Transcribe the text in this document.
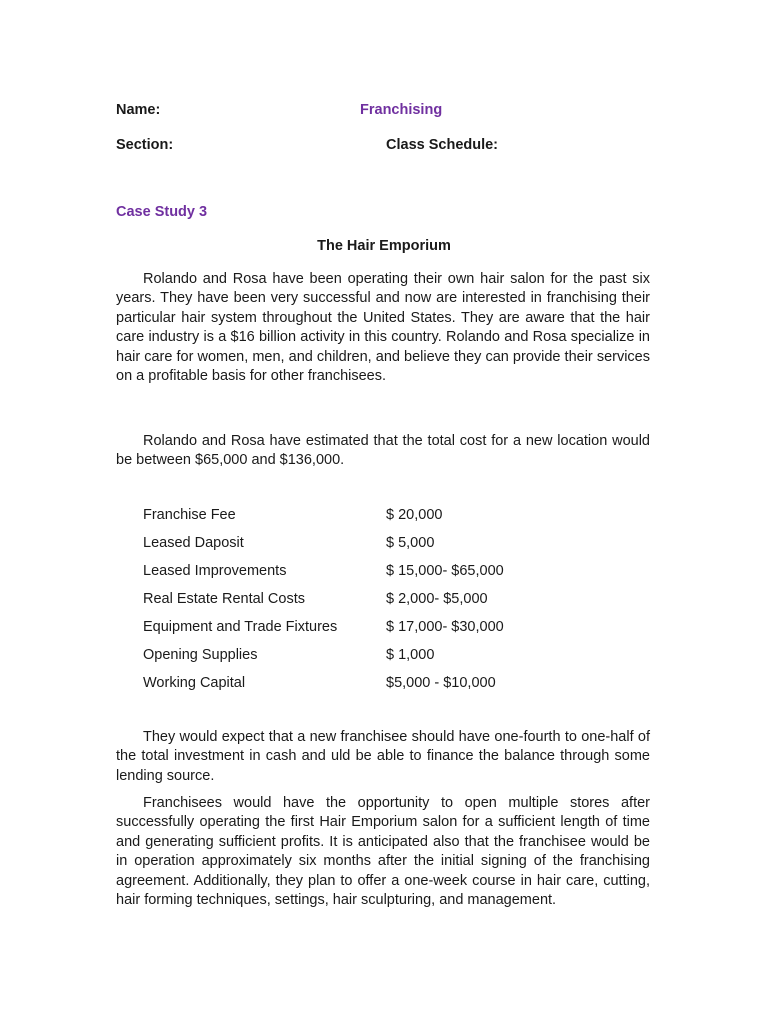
Name:	Franchising
Section:	Class Schedule:
Case Study 3
The Hair Emporium

Rolando and Rosa have been operating their own hair salon for the past six years. They have been very successful and now are interested in franchising their particular hair system throughout the United States. They are aware that the hair care industry is a $16 billion activity in this country. Rolando and Rosa specialize in hair care for women, men, and children, and believe they can provide their services on a profitable basis for other franchisees.

Rolando and Rosa have estimated that the total cost for a new location would be between $65,000 and $136,000.

Franchise Fee	$ 20,000
Leased Daposit	$ 5,000
Leased Improvements	$ 15,000- $65,000
Real Estate Rental Costs	$ 2,000- $5,000
Equipment and Trade Fixtures	$ 17,000- $30,000
Opening Supplies	$ 1,000
Working Capital	$5,000 - $10,000

They would expect that a new franchisee should have one-fourth to one-half of the total investment in cash and uld be able to finance the balance through some lending source.

Franchisees would have the opportunity to open multiple stores after successfully operating the first Hair Emporium salon for a sufficient length of time and generating sufficient profits. It is anticipated also that the franchisee would be in operation approximately six months after the initial signing of the franchising agreement. Additionally, they plan to offer a one-week course in hair care, cutting, hair forming techniques, settings, hair sculpturing, and management.
